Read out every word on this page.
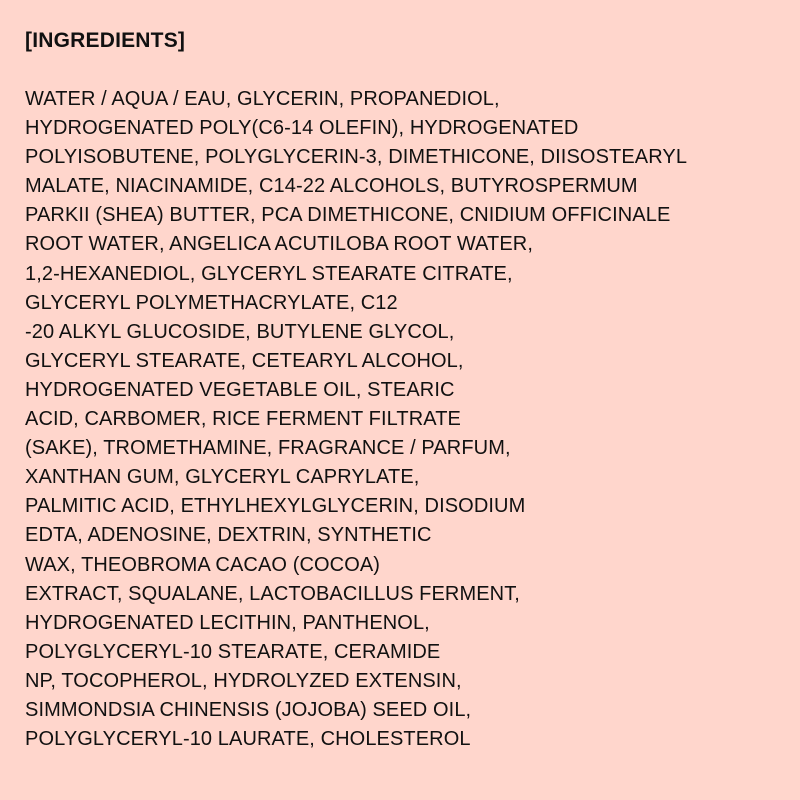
[INGREDIENTS]
WATER / AQUA / EAU, GLYCERIN, PROPANEDIOL,
HYDROGENATED POLY(C6-14 OLEFIN), HYDROGENATED
POLYISOBUTENE, POLYGLYCERIN-3, DIMETHICONE, DIISOSTEARYL
MALATE, NIACINAMIDE, C14-22 ALCOHOLS, BUTYROSPERMUM
PARKII (SHEA) BUTTER, PCA DIMETHICONE, CNIDIUM OFFICINALE
ROOT WATER, ANGELICA ACUTILOBA ROOT WATER,
1,2-HEXANEDIOL, GLYCERYL STEARATE CITRATE,
GLYCERYL POLYMETHACRYLATE, C12
-20 ALKYL GLUCOSIDE, BUTYLENE GLYCOL,
GLYCERYL STEARATE, CETEARYL ALCOHOL,
HYDROGENATED VEGETABLE OIL, STEARIC
ACID, CARBOMER, RICE FERMENT FILTRATE
(SAKE), TROMETHAMINE, FRAGRANCE / PARFUM,
XANTHAN GUM, GLYCERYL CAPRYLATE,
PALMITIC ACID, ETHYLHEXYLGLYCERIN, DISODIUM
EDTA, ADENOSINE, DEXTRIN, SYNTHETIC
WAX, THEOBROMA CACAO (COCOA)
EXTRACT, SQUALANE, LACTOBACILLUS FERMENT,
HYDROGENATED LECITHIN, PANTHENOL,
POLYGLYCERYL-10 STEARATE, CERAMIDE
NP, TOCOPHEROL, HYDROLYZED EXTENSIN,
SIMMONDSIA CHINENSIS (JOJOBA) SEED OIL,
POLYGLYCERYL-10 LAURATE, CHOLESTEROL
